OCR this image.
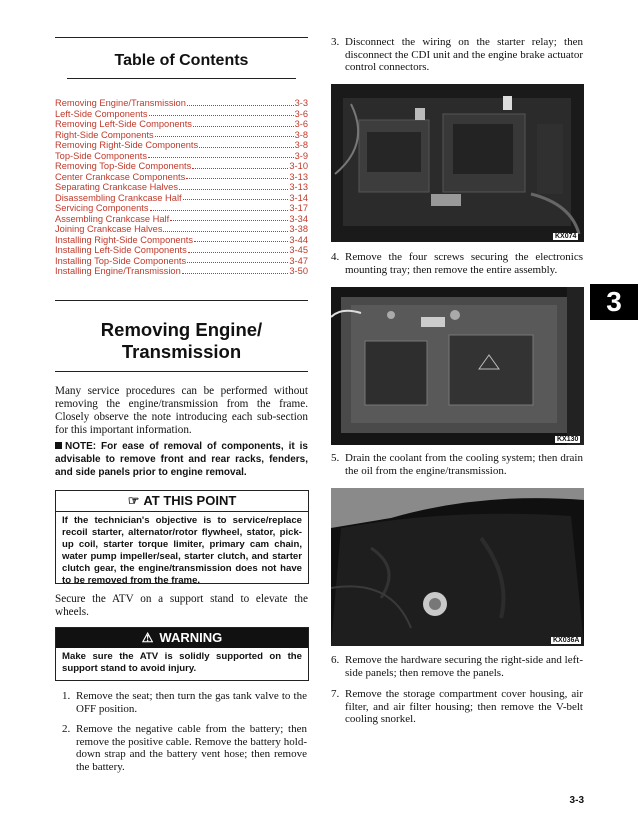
Table of Contents
Removing Engine/Transmission	3-3
Left-Side Components	3-6
Removing Left-Side Components	3-6
Right-Side Components	3-8
Removing Right-Side Components	3-8
Top-Side Components	3-9
Removing Top-Side Components	3-10
Center Crankcase Components	3-13
Separating Crankcase Halves	3-13
Disassembling Crankcase Half	3-14
Servicing Components	3-17
Assembling Crankcase Half	3-34
Joining Crankcase Halves	3-38
Installing Right-Side Components	3-44
Installing Left-Side Components	3-45
Installing Top-Side Components	3-47
Installing Engine/Transmission	3-50
Removing Engine/
Transmission
Many service procedures can be performed without removing the engine/transmission from the frame. Closely observe the note introducing each sub-section for this important information.
NOTE: For ease of removal of components, it is advisable to remove front and rear racks, fenders, and side panels prior to engine removal.
☞ AT THIS POINT
If the technician's objective is to service/replace recoil starter, alternator/rotor flywheel, stator, pick-up coil, starter torque limiter, primary cam chain, water pump impeller/seal, starter clutch, and starter clutch gear, the engine/transmission does not have to be removed from the frame.
Secure the ATV on a support stand to elevate the wheels.
⚠ WARNING
Make sure the ATV is solidly supported on the support stand to avoid injury.
1. Remove the seat; then turn the gas tank valve to the OFF position.
2. Remove the negative cable from the battery; then remove the positive cable. Remove the battery hold-down strap and the battery vent hose; then remove the battery.
3. Disconnect the wiring on the starter relay; then disconnect the CDI unit and the engine brake actuator control connectors.
KX074
4. Remove the four screws securing the electronics mounting tray; then remove the entire assembly.
KX130
5. Drain the coolant from the cooling system; then drain the oil from the engine/transmission.
KX036A
6. Remove the hardware securing the right-side and left-side panels; then remove the panels.
7. Remove the storage compartment cover housing, air filter, and air filter housing; then remove the V-belt cooling snorkel.
3
3-3
